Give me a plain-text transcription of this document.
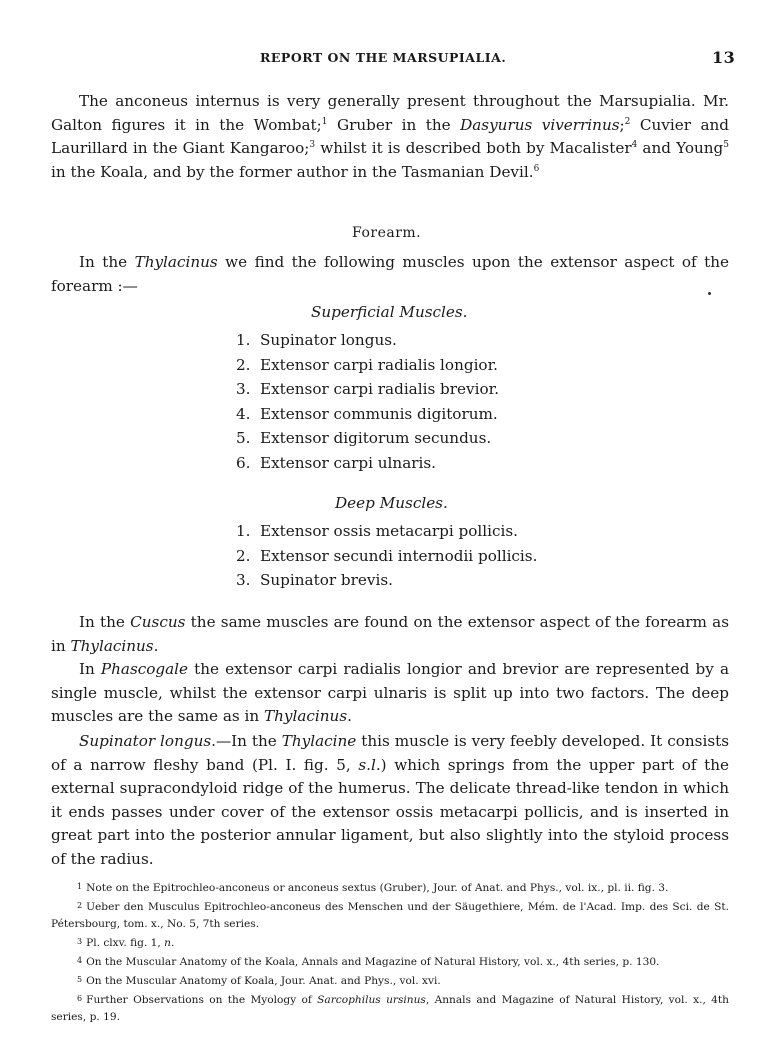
REPORT ON THE MARSUPIALIA.	13
The anconeus internus is very generally present throughout the Marsupialia. Mr. Galton figures it in the Wombat;$^1$ Gruber in the Dasyurus viverrinus;$^2$ Cuvier and Laurillard in the Giant Kangaroo;$^3$ whilst it is described both by Macalister$^4$ and Young$^5$ in the Koala, and by the former author in the Tasmanian Devil.$^6$
Forearm.
In the Thylacinus we find the following muscles upon the extensor aspect of the forearm :—
Superficial Muscles.
1. Supinator longus.
2. Extensor carpi radialis longior.
3. Extensor carpi radialis brevior.
4. Extensor communis digitorum.
5. Extensor digitorum secundus.
6. Extensor carpi ulnaris.
Deep Muscles.
1. Extensor ossis metacarpi pollicis.
2. Extensor secundi internodii pollicis.
3. Supinator brevis.
In the Cuscus the same muscles are found on the extensor aspect of the forearm as in Thylacinus.
In Phascogale the extensor carpi radialis longior and brevior are represented by a single muscle, whilst the extensor carpi ulnaris is split up into two factors. The deep muscles are the same as in Thylacinus.
Supinator longus.—In the Thylacine this muscle is very feebly developed. It consists of a narrow fleshy band (Pl. I. fig. 5, s.l.) which springs from the upper part of the external supracondyloid ridge of the humerus. The delicate thread-like tendon in which it ends passes under cover of the extensor ossis metacarpi pollicis, and is inserted in great part into the posterior annular ligament, but also slightly into the styloid process of the radius.
1 Note on the Epitrochleo-anconeus or anconeus sextus (Gruber), Jour. of Anat. and Phys., vol. ix., pl. ii. fig. 3.
2 Ueber den Musculus Epitrochleo-anconeus des Menschen und der Säugethiere, Mém. de l'Acad. Imp. des Sci. de St. Pétersbourg, tom. x., No. 5, 7th series.
3 Pl. clxv. fig. 1, n.
4 On the Muscular Anatomy of the Koala, Annals and Magazine of Natural History, vol. x., 4th series, p. 130.
5 On the Muscular Anatomy of Koala, Jour. Anat. and Phys., vol. xvi.
6 Further Observations on the Myology of Sarcophilus ursinus, Annals and Magazine of Natural History, vol. x., 4th series, p. 19.
